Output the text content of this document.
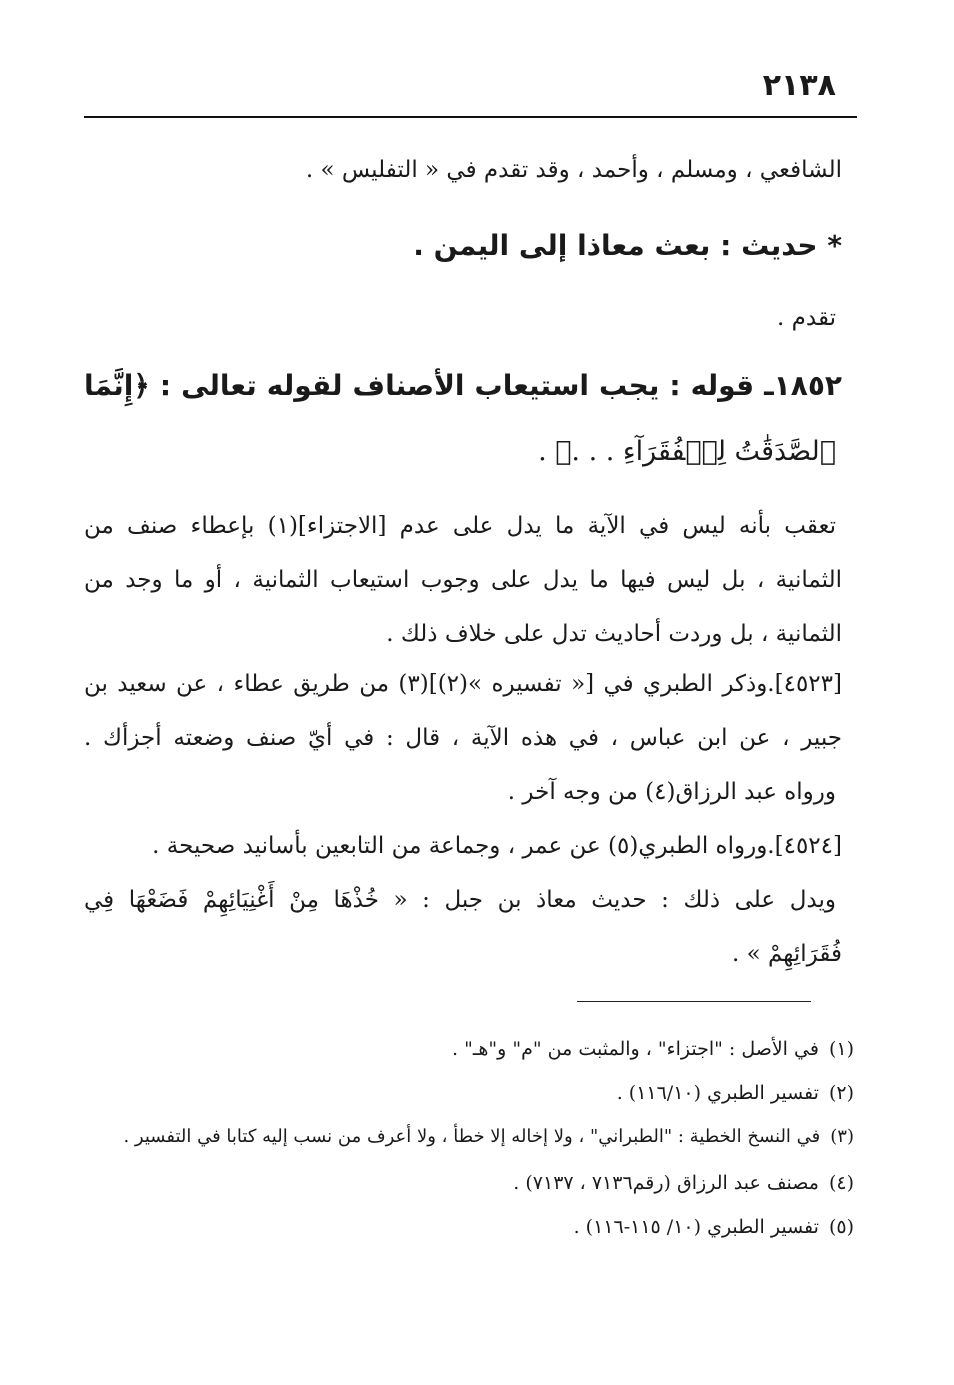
٢١٣٨
الشافعي ، ومسلم ، وأحمد ، وقد تقدم في « التفليس » .
* حديث : بعث معاذا إلى اليمن .
تقدم .
١٨٥٢ـ قوله : يجب استيعاب الأصناف لقوله تعالى : ﴿إِنَّمَا
ٱلصَّدَقَٰتُ لِلۡفُقَرَآءِ . . .﴾ .
تعقب بأنه ليس في الآية ما يدل على عدم [الاجتزاء](١) بإعطاء صنف من
الثمانية ، بل ليس فيها ما يدل على وجوب استيعاب الثمانية ، أو ما وجد من
الثمانية ، بل وردت أحاديث تدل على خلاف ذلك .
[٤٥٢٣].وذكر الطبري في [« تفسيره »(٢)](٣) من طريق عطاء ، عن سعيد بن
جبير ، عن ابن عباس ، في هذه الآية ، قال : في أيّ صنف وضعته أجزأك .
ورواه عبد الرزاق(٤) من وجه آخر .
[٤٥٢٤].ورواه الطبري(٥) عن عمر ، وجماعة من التابعين بأسانيد صحيحة .
ويدل على ذلك : حديث معاذ بن جبل : « خُذْهَا مِنْ أَغْنِيَائِهِمْ فَضَعْهَا فِي
فُقَرَائِهِمْ » .
(١)في الأصل : "اجتزاء" ، والمثبت من "م" و"هـ" .
(٢)تفسير الطبري (١١٦/١٠) .
(٣)في النسخ الخطية : "الطبراني" ، ولا إخاله إلا خطأ ، ولا أعرف من نسب إليه كتابا في التفسير .
(٤)مصنف عبد الرزاق (رقم٧١٣٦ ، ٧١٣٧) .
(٥)تفسير الطبري (١٠/ ١١٥-١١٦) .
